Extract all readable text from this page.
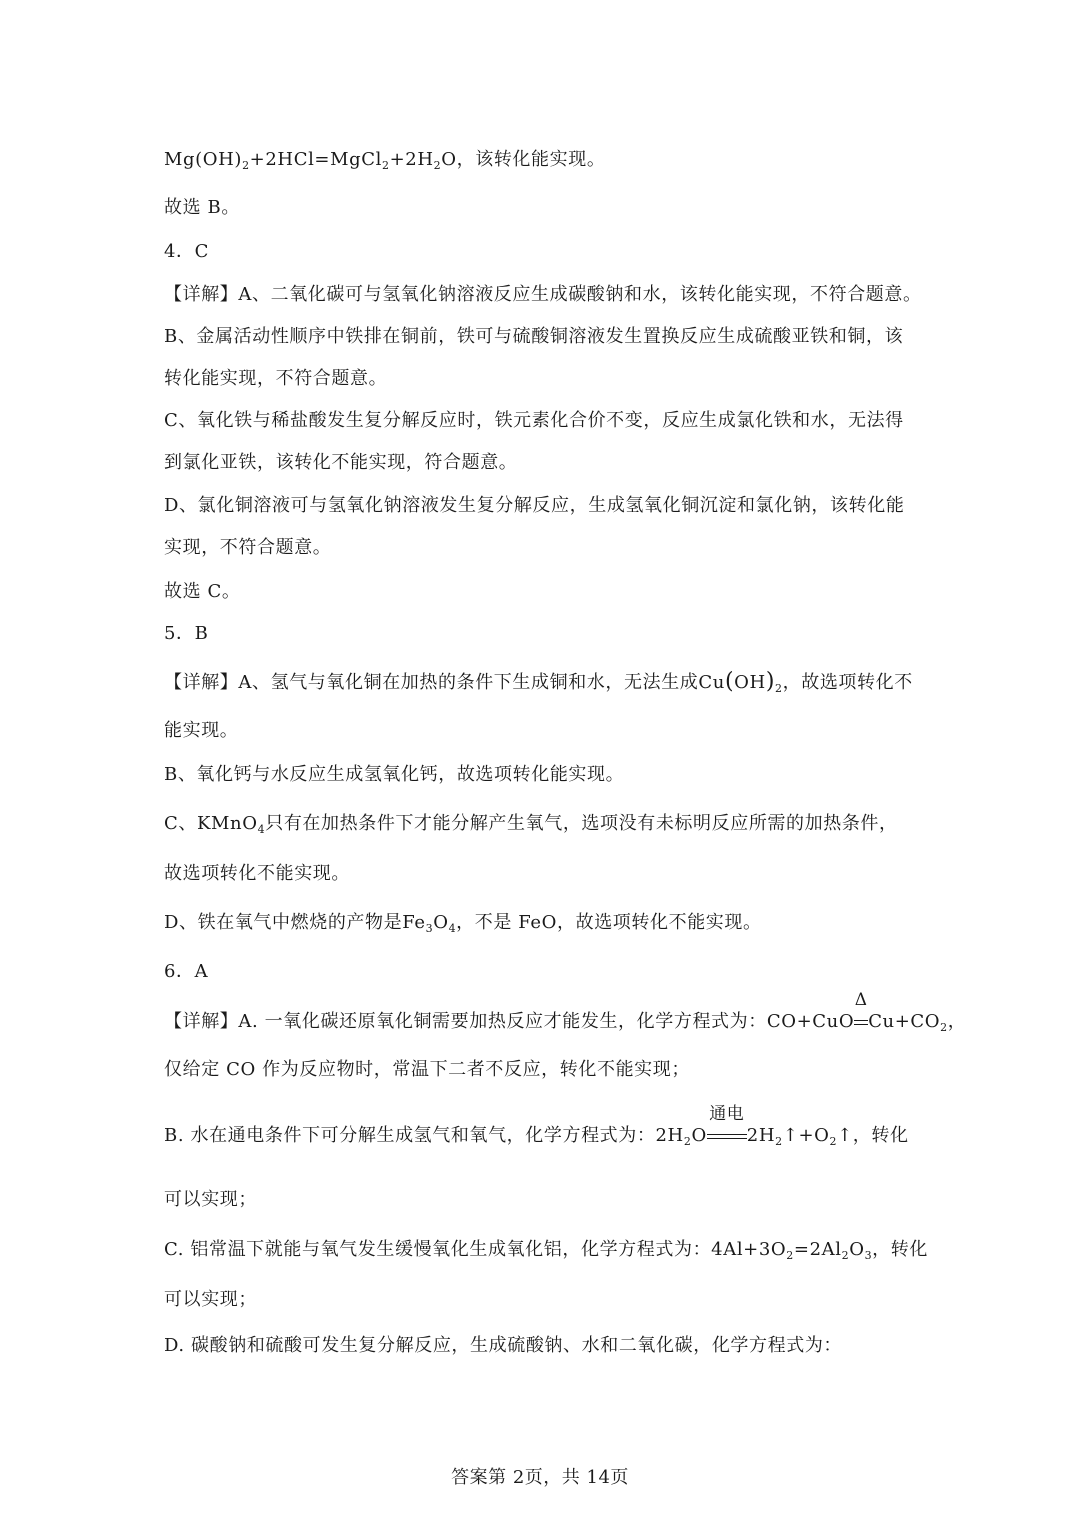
$Mg(OH)_2+2HCl=MgCl_2+2H_2O$，该转化能实现。
故选 B。
4．C
【详解】A、二氧化碳可与氢氧化钠溶液反应生成碳酸钠和水，该转化能实现，不符合题意。
B、金属活动性顺序中铁排在铜前，铁可与硫酸铜溶液发生置换反应生成硫酸亚铁和铜，该
转化能实现，不符合题意。
C、氧化铁与稀盐酸发生复分解反应时，铁元素化合价不变，反应生成氯化铁和水，无法得
到氯化亚铁，该转化不能实现，符合题意。
D、氯化铜溶液可与氢氧化钠溶液发生复分解反应，生成氢氧化铜沉淀和氯化钠，该转化能
实现，不符合题意。
故选 C。
5．B
【详解】A、氢气与氧化铜在加热的条件下生成铜和水，无法生成$Cu(OH)_2$，故选项转化不
能实现。
B、氧化钙与水反应生成氢氧化钙，故选项转化能实现。
C、KMnO$_4$只有在加热条件下才能分解产生氧气，选项没有未标明反应所需的加热条件，
故选项转化不能实现。
D、铁在氧气中燃烧的产物是$Fe_3O_4$，不是 FeO，故选项转化不能实现。
6．A
【详解】A. 一氧化碳还原氧化铜需要加热反应才能发生，化学方程式为：CO+CuO
Δ
$Cu+CO_2$，
仅给定 CO 作为反应物时，常温下二者不反应，转化不能实现；
B. 水在通电条件下可分解生成氢气和氧气，化学方程式为：$2H_2O$
通电
$2H_2↑+O_2↑$，转化
可以实现；
C. 铝常温下就能与氧气发生缓慢氧化生成氧化铝，化学方程式为：$4Al+3O_2=2Al_2O_3$，转化
可以实现；
D. 碳酸钠和硫酸可发生复分解反应，生成硫酸钠、水和二氧化碳，化学方程式为：
答案第 2页，共 14页
